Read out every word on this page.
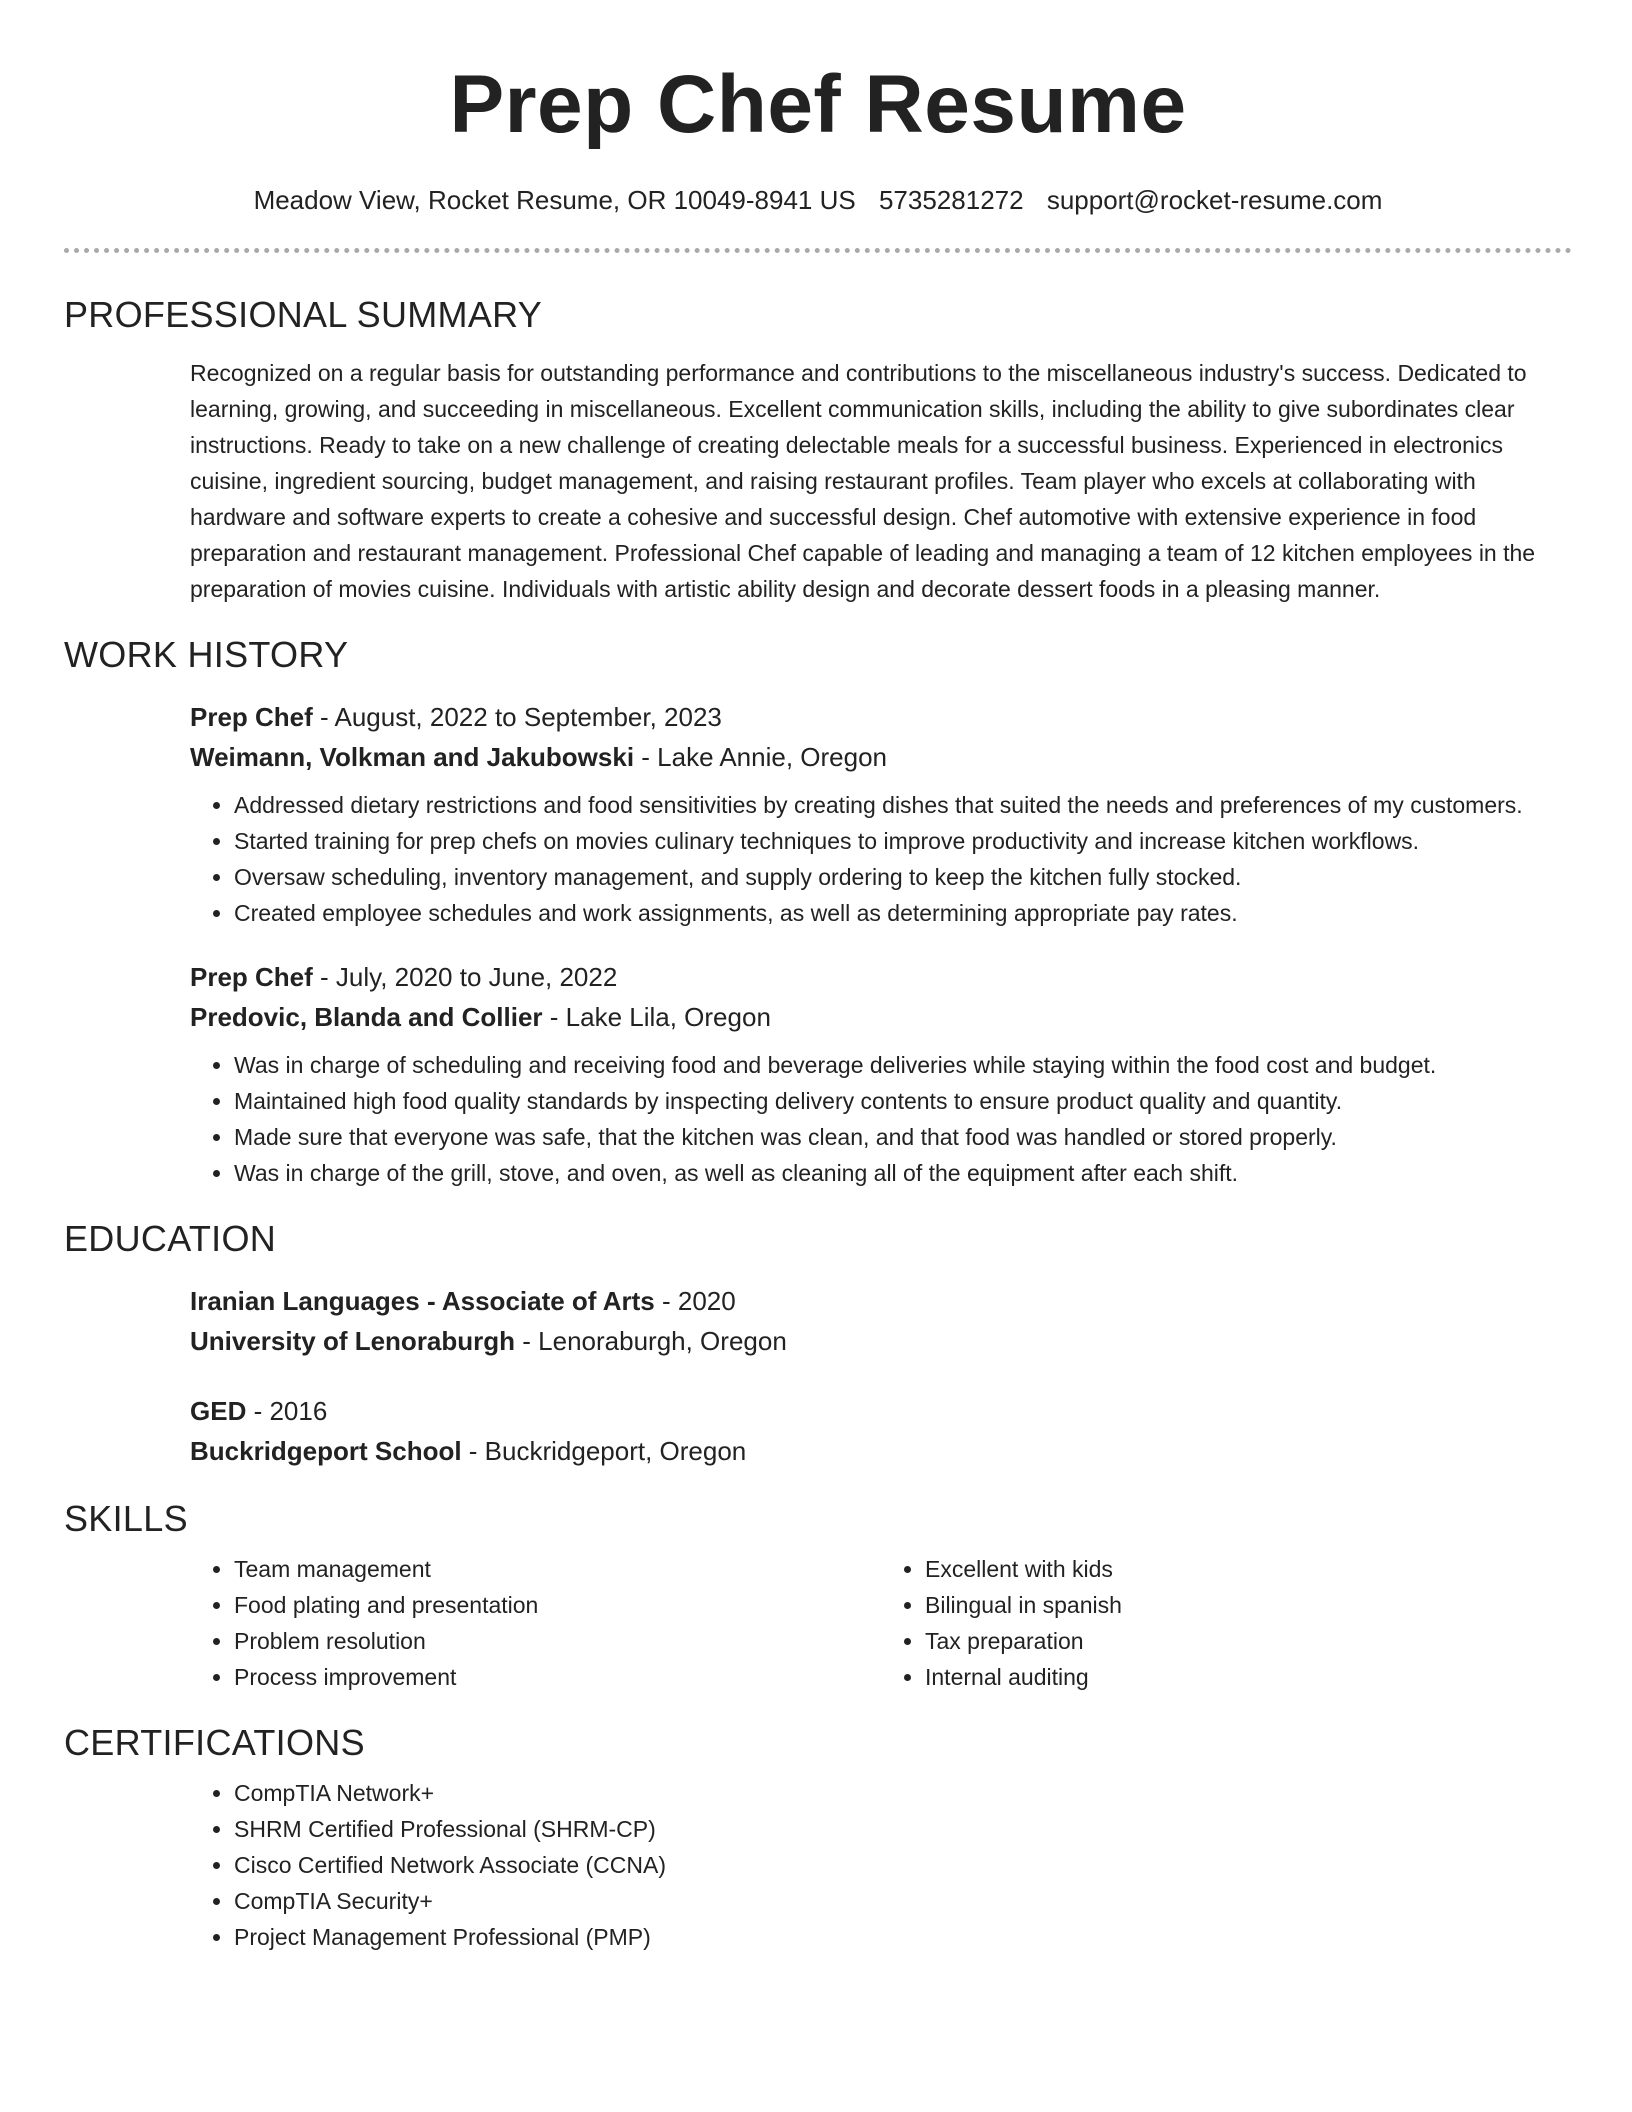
Prep Chef Resume
Meadow View, Rocket Resume, OR 10049-8941 US 5735281272 support@rocket-resume.com
PROFESSIONAL SUMMARY

Recognized on a regular basis for outstanding performance and contributions to the miscellaneous industry's success. Dedicated to learning, growing, and succeeding in miscellaneous. Excellent communication skills, including the ability to give subordinates clear instructions. Ready to take on a new challenge of creating delectable meals for a successful business. Experienced in electronics cuisine, ingredient sourcing, budget management, and raising restaurant profiles. Team player who excels at collaborating with hardware and software experts to create a cohesive and successful design. Chef automotive with extensive experience in food preparation and restaurant management. Professional Chef capable of leading and managing a team of 12 kitchen employees in the preparation of movies cuisine. Individuals with artistic ability design and decorate dessert foods in a pleasing manner.

WORK HISTORY
Prep Chef - August, 2022 to September, 2023
Weimann, Volkman and Jakubowski - Lake Annie, Oregon
• Addressed dietary restrictions and food sensitivities by creating dishes that suited the needs and preferences of my customers.
• Started training for prep chefs on movies culinary techniques to improve productivity and increase kitchen workflows.
• Oversaw scheduling, inventory management, and supply ordering to keep the kitchen fully stocked.
• Created employee schedules and work assignments, as well as determining appropriate pay rates.
Prep Chef - July, 2020 to June, 2022
Predovic, Blanda and Collier - Lake Lila, Oregon
• Was in charge of scheduling and receiving food and beverage deliveries while staying within the food cost and budget.
• Maintained high food quality standards by inspecting delivery contents to ensure product quality and quantity.
• Made sure that everyone was safe, that the kitchen was clean, and that food was handled or stored properly.
• Was in charge of the grill, stove, and oven, as well as cleaning all of the equipment after each shift.
EDUCATION
Iranian Languages - Associate of Arts - 2020
University of Lenoraburgh - Lenoraburgh, Oregon
GED - 2016
Buckridgeport School - Buckridgeport, Oregon
SKILLS
• Team management
• Food plating and presentation
• Problem resolution
• Process improvement
• Excellent with kids
• Bilingual in spanish
• Tax preparation
• Internal auditing
CERTIFICATIONS
• CompTIA Network+
• SHRM Certified Professional (SHRM-CP)
• Cisco Certified Network Associate (CCNA)
• CompTIA Security+
• Project Management Professional (PMP)
